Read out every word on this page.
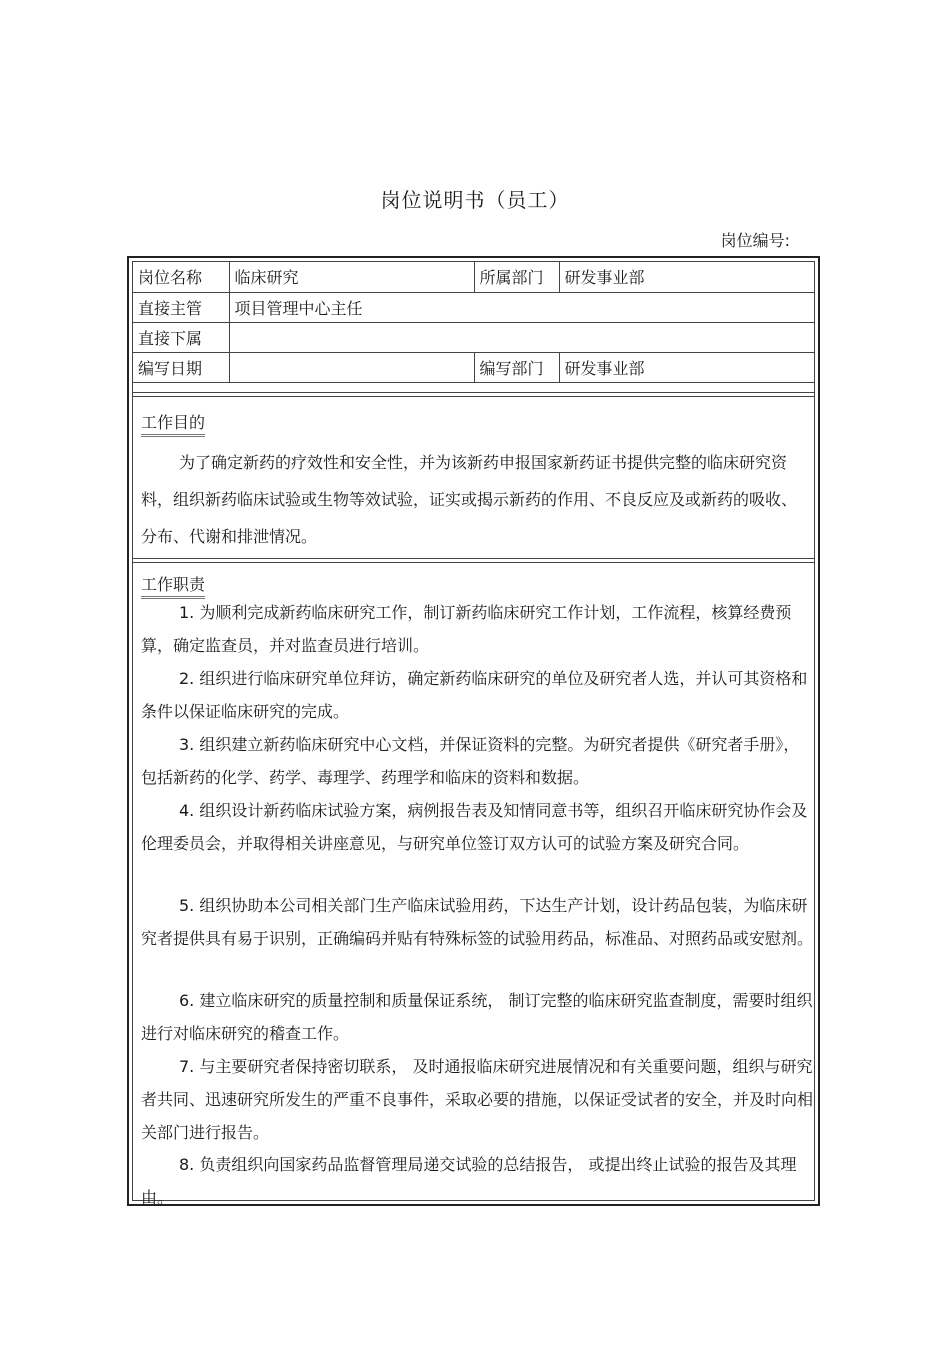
岗位说明书（员工）
岗位编号:
岗位名称	临床研究	所属部门	研发事业部
直接主管	项目管理中心主任		
直接下属			
编写日期		编写部门	研发事业部
工作目的

为了确定新药的疗效性和安全性，并为该新药申报国家新药证书提供完整的临床研究资料，组织新药临床试验或生物等效试验，证实或揭示新药的作用、不良反应及或新药的吸收、分布、代谢和排泄情况。

工作职责

1. 为顺利完成新药临床研究工作，制订新药临床研究工作计划，工作流程，核算经费预算，确定监查员，并对监查员进行培训。

2. 组织进行临床研究单位拜访，确定新药临床研究的单位及研究者人选，并认可其资格和条件以保证临床研究的完成。

3. 组织建立新药临床研究中心文档，并保证资料的完整。为研究者提供《研究者手册》，包括新药的化学、药学、毒理学、药理学和临床的资料和数据。

4. 组织设计新药临床试验方案，病例报告表及知情同意书等，组织召开临床研究协作会及伦理委员会，并取得相关讲座意见，与研究单位签订双方认可的试验方案及研究合同。

5. 组织协助本公司相关部门生产临床试验用药，下达生产计划，设计药品包装，为临床研究者提供具有易于识别，正确编码并贴有特殊标签的试验用药品，标准品、对照药品或安慰剂。

6. 建立临床研究的质量控制和质量保证系统， 制订完整的临床研究监查制度，需要时组织进行对临床研究的稽查工作。

7. 与主要研究者保持密切联系， 及时通报临床研究进展情况和有关重要问题，组织与研究者共同、迅速研究所发生的严重不良事件，采取必要的措施，以保证受试者的安全，并及时向相关部门进行报告。

8. 负责组织向国家药品监督管理局递交试验的总结报告， 或提出终止试验的报告及其理由。
